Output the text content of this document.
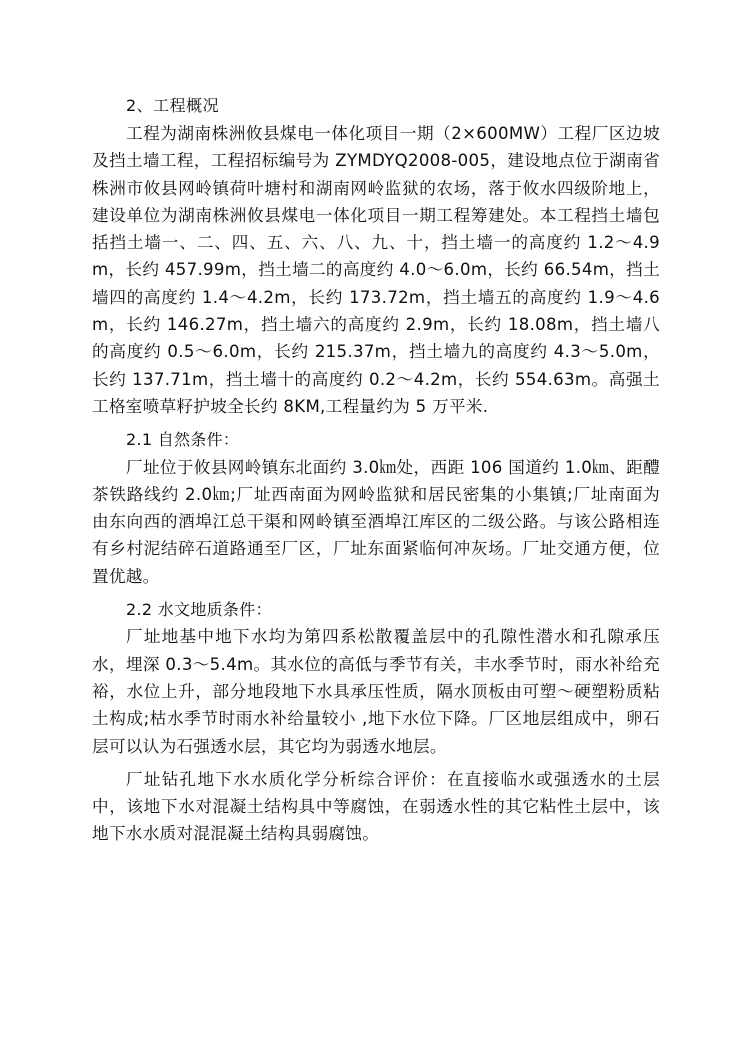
2、工程概况

工程为湖南株洲攸县煤电一体化项目一期（2×600MW）工程厂区边坡及挡土墙工程，工程招标编号为 ZYMDYQ2008-005，建设地点位于湖南省株洲市攸县网岭镇荷叶塘村和湖南网岭监狱的农场，落于攸水四级阶地上，建设单位为湖南株洲攸县煤电一体化项目一期工程筹建处。本工程挡土墙包括挡土墙一、二、四、五、六、八、九、十，挡土墙一的高度约 1.2～4.9m，长约 457.99m，挡土墙二的高度约 4.0～6.0m，长约 66.54m，挡土墙四的高度约 1.4～4.2m，长约 173.72m，挡土墙五的高度约 1.9～4.6m，长约 146.27m，挡土墙六的高度约 2.9m，长约 18.08m，挡土墙八的高度约 0.5～6.0m，长约 215.37m，挡土墙九的高度约 4.3～5.0m，长约 137.71m，挡土墙十的高度约 0.2～4.2m，长约 554.63m。高强土工格室喷草籽护坡全长约 8KM,工程量约为 5 万平米.

2.1 自然条件：

厂址位于攸县网岭镇东北面约 3.0㎞处，西距 106 国道约 1.0㎞、距醴茶铁路线约 2.0㎞;厂址西南面为网岭监狱和居民密集的小集镇;厂址南面为由东向西的酒埠江总干渠和网岭镇至酒埠江库区的二级公路。与该公路相连有乡村泥结碎石道路通至厂区，厂址东面紧临何冲灰场。厂址交通方便，位置优越。

2.2 水文地质条件：

厂址地基中地下水均为第四系松散覆盖层中的孔隙性潜水和孔隙承压水，埋深 0.3～5.4m。其水位的高低与季节有关，丰水季节时，雨水补给充裕，水位上升，部分地段地下水具承压性质，隔水顶板由可塑～硬塑粉质粘土构成;枯水季节时雨水补给量较小 ,地下水位下降。厂区地层组成中，卵石层可以认为石强透水层，其它均为弱透水地层。

厂址钻孔地下水水质化学分析综合评价：在直接临水或强透水的土层中，该地下水对混凝土结构具中等腐蚀，在弱透水性的其它粘性土层中，该地下水水质对混混凝土结构具弱腐蚀。
